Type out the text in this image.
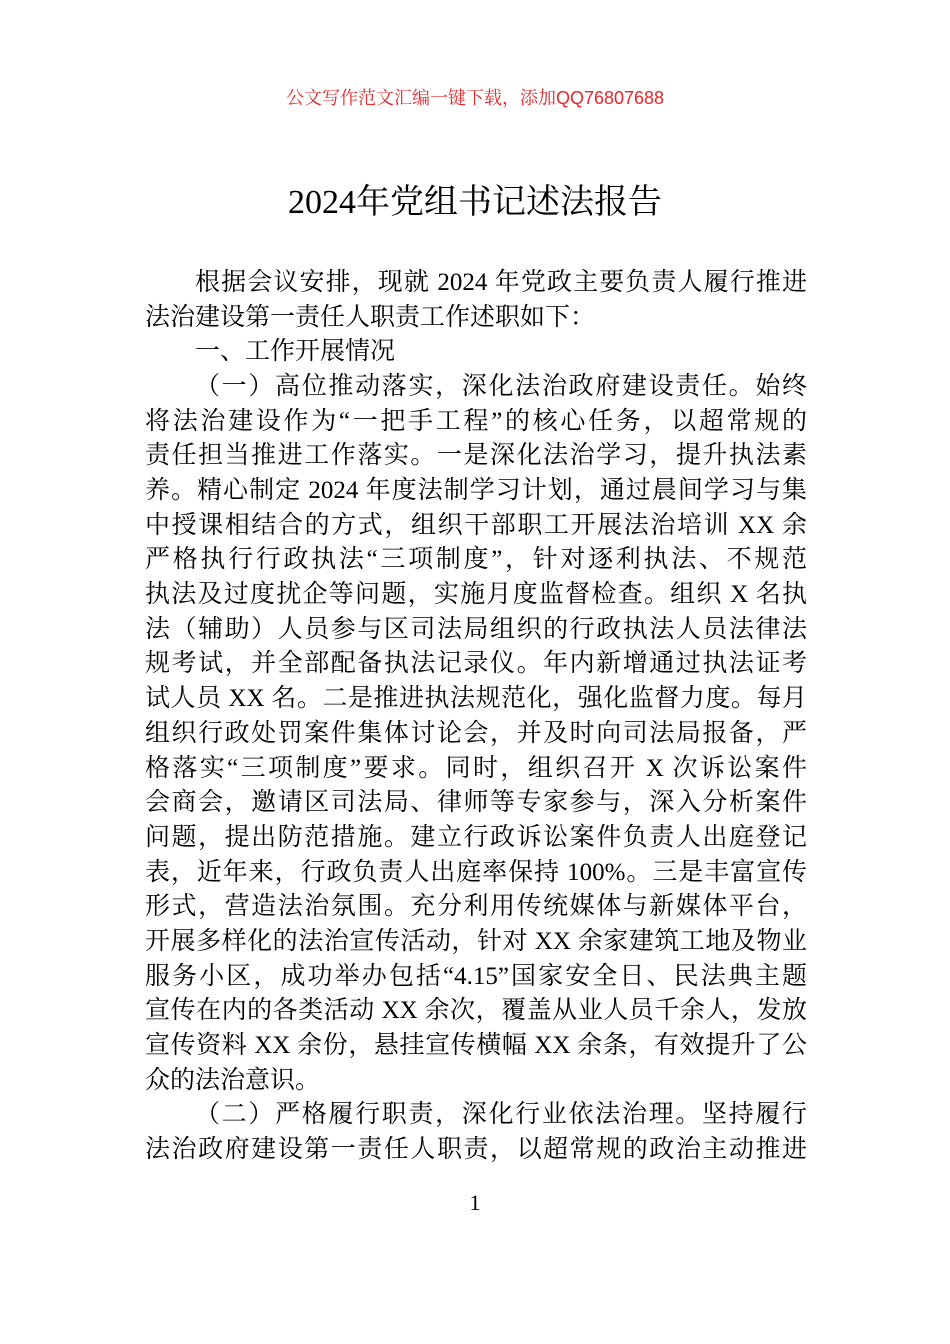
公文写作范文汇编一键下载，添加QQ76807688
2024年党组书记述法报告
根据会议安排，现就 2024 年党政主要负责人履行推进
法治建设第一责任人职责工作述职如下：
一、工作开展情况
（一）高位推动落实，深化法治政府建设责任。始终
将法治建设作为“一把手工程”的核心任务，以超常规的
责任担当推进工作落实。一是深化法治学习，提升执法素
养。精心制定 2024 年度法制学习计划，通过晨间学习与集
中授课相结合的方式，组织干部职工开展法治培训 XX 余
严格执行行政执法“三项制度”，针对逐利执法、不规范
执法及过度扰企等问题，实施月度监督检查。组织 X 名执
法（辅助）人员参与区司法局组织的行政执法人员法律法
规考试，并全部配备执法记录仪。年内新增通过执法证考
试人员 XX 名。二是推进执法规范化，强化监督力度。每月
组织行政处罚案件集体讨论会，并及时向司法局报备，严
格落实“三项制度”要求。同时，组织召开 X 次诉讼案件
会商会，邀请区司法局、律师等专家参与，深入分析案件
问题，提出防范措施。建立行政诉讼案件负责人出庭登记
表，近年来，行政负责人出庭率保持 100%。三是丰富宣传
形式，营造法治氛围。充分利用传统媒体与新媒体平台，
开展多样化的法治宣传活动，针对 XX 余家建筑工地及物业
服务小区，成功举办包括“4.15”国家安全日、民法典主题
宣传在内的各类活动 XX 余次，覆盖从业人员千余人，发放
宣传资料 XX 余份，悬挂宣传横幅 XX 余条，有效提升了公
众的法治意识。
（二）严格履行职责，深化行业依法治理。坚持履行
法治政府建设第一责任人职责，以超常规的政治主动推进
1
